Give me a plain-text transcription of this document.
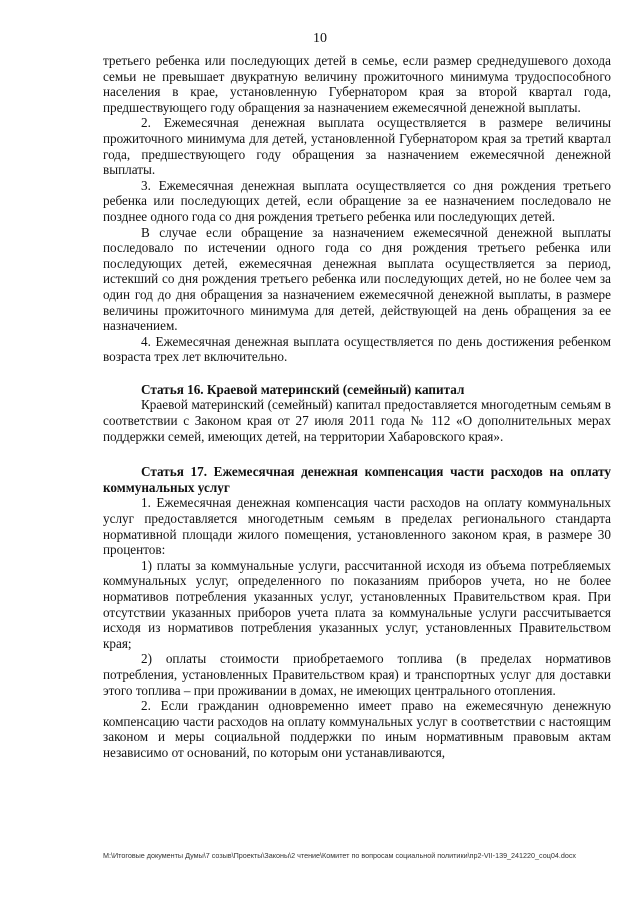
10

третьего ребенка или последующих детей в семье, если размер среднедушевого дохода семьи не превышает двукратную величину прожиточного минимума трудоспособного населения в крае, установленную Губернатором края за второй квартал года, предшествующего году обращения за назначением ежемесячной денежной выплаты.

2. Ежемесячная денежная выплата осуществляется в размере величины прожиточного минимума для детей, установленной Губернатором края за третий квартал года, предшествующего году обращения за назначением ежемесячной денежной выплаты.

3. Ежемесячная денежная выплата осуществляется со дня рождения третьего ребенка или последующих детей, если обращение за ее назначением последовало не позднее одного года со дня рождения третьего ребенка или последующих детей.

В случае если обращение за назначением ежемесячной денежной выплаты последовало по истечении одного года со дня рождения третьего ребенка или последующих детей, ежемесячная денежная выплата осуществляется за период, истекший со дня рождения третьего ребенка или последующих детей, но не более чем за один год до дня обращения за назначением ежемесячной денежной выплаты, в размере величины прожиточного минимума для детей, действующей на день обращения за ее назначением.

4. Ежемесячная денежная выплата осуществляется по день достижения ребенком возраста трех лет включительно.

Статья 16. Краевой материнский (семейный) капитал

Краевой материнский (семейный) капитал предоставляется многодетным семьям в соответствии с Законом края от 27 июля 2011 года № 112 «О дополнительных мерах поддержки семей, имеющих детей, на территории Хабаровского края».

Статья 17. Ежемесячная денежная компенсация части расходов на оплату коммунальных услуг

1. Ежемесячная денежная компенсация части расходов на оплату коммунальных услуг предоставляется многодетным семьям в пределах регионального стандарта нормативной площади жилого помещения, установленного законом края, в размере 30 процентов:

1) платы за коммунальные услуги, рассчитанной исходя из объема потребляемых коммунальных услуг, определенного по показаниям приборов учета, но не более нормативов потребления указанных услуг, установленных Правительством края. При отсутствии указанных приборов учета плата за коммунальные услуги рассчитывается исходя из нормативов потребления указанных услуг, установленных Правительством края;

2) оплаты стоимости приобретаемого топлива (в пределах нормативов потребления, установленных Правительством края) и транспортных услуг для доставки этого топлива – при проживании в домах, не имеющих центрального отопления.

2. Если гражданин одновременно имеет право на ежемесячную денежную компенсацию части расходов на оплату коммунальных услуг в соответствии с настоящим законом и меры социальной поддержки по иным нормативным правовым актам независимо от оснований, по которым они устанавливаются,

M:\Итоговые документы Думы\7 созыв\Проекты\Законы\2 чтение\Комитет по вопросам социальной политики\пр2-VII-139_241220_соц04.docx
